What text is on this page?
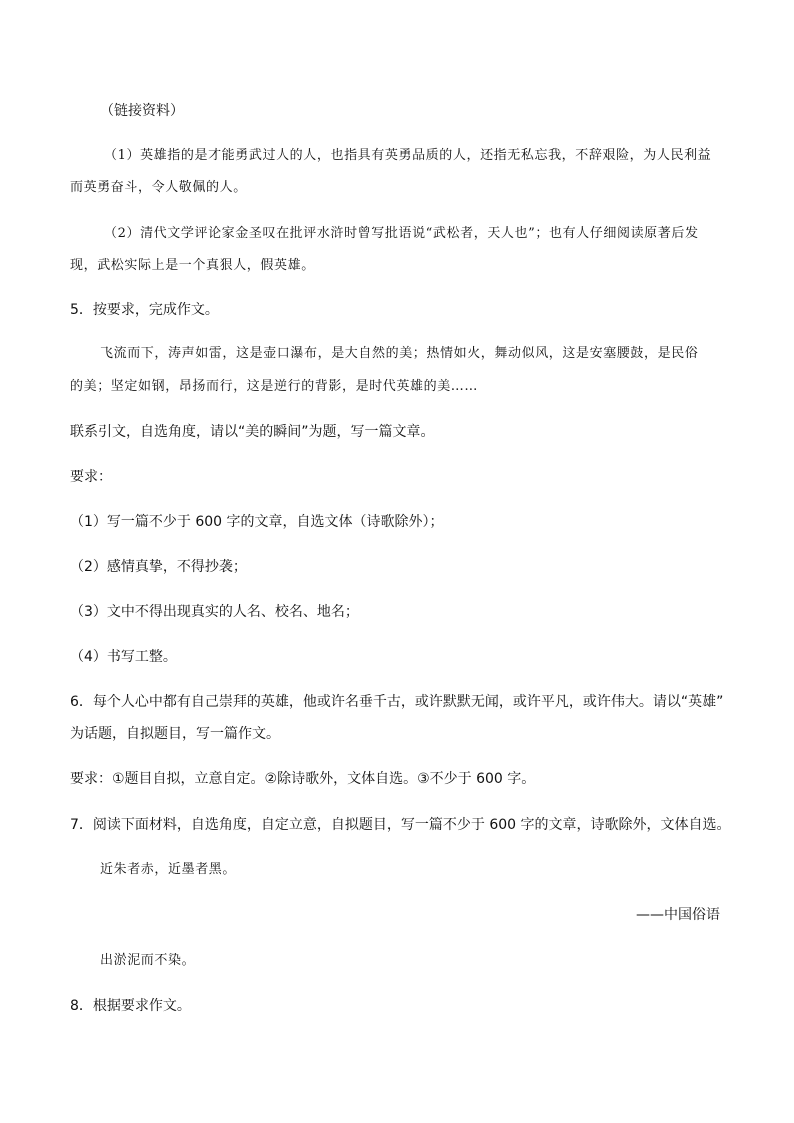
（链接资料）
（1）英雄指的是才能勇武过人的人，也指具有英勇品质的人，还指无私忘我，不辞艰险，为人民利益
而英勇奋斗，令人敬佩的人。
（2）清代文学评论家金圣叹在批评水浒时曾写批语说“武松者，天人也”；也有人仔细阅读原著后发
现，武松实际上是一个真狠人，假英雄。
5．按要求，完成作文。
飞流而下，涛声如雷，这是壶口瀑布，是大自然的美；热情如火，舞动似风，这是安塞腰鼓，是民俗
的美；坚定如钢，昂扬而行，这是逆行的背影，是时代英雄的美……
联系引文，自选角度，请以“美的瞬间”为题，写一篇文章。
要求：
（1）写一篇不少于 600 字的文章，自选文体（诗歌除外）；
（2）感情真挚，不得抄袭；
（3）文中不得出现真实的人名、校名、地名；
（4）书写工整。
6．每个人心中都有自己崇拜的英雄，他或许名垂千古，或许默默无闻，或许平凡，或许伟大。请以“英雄”
为话题，自拟题目，写一篇作文。
要求：①题目自拟，立意自定。②除诗歌外，文体自选。③不少于 600 字。
7．阅读下面材料，自选角度，自定立意，自拟题目，写一篇不少于 600 字的文章，诗歌除外，文体自选。
近朱者赤，近墨者黑。
——中国俗语
出淤泥而不染。
8．根据要求作文。
